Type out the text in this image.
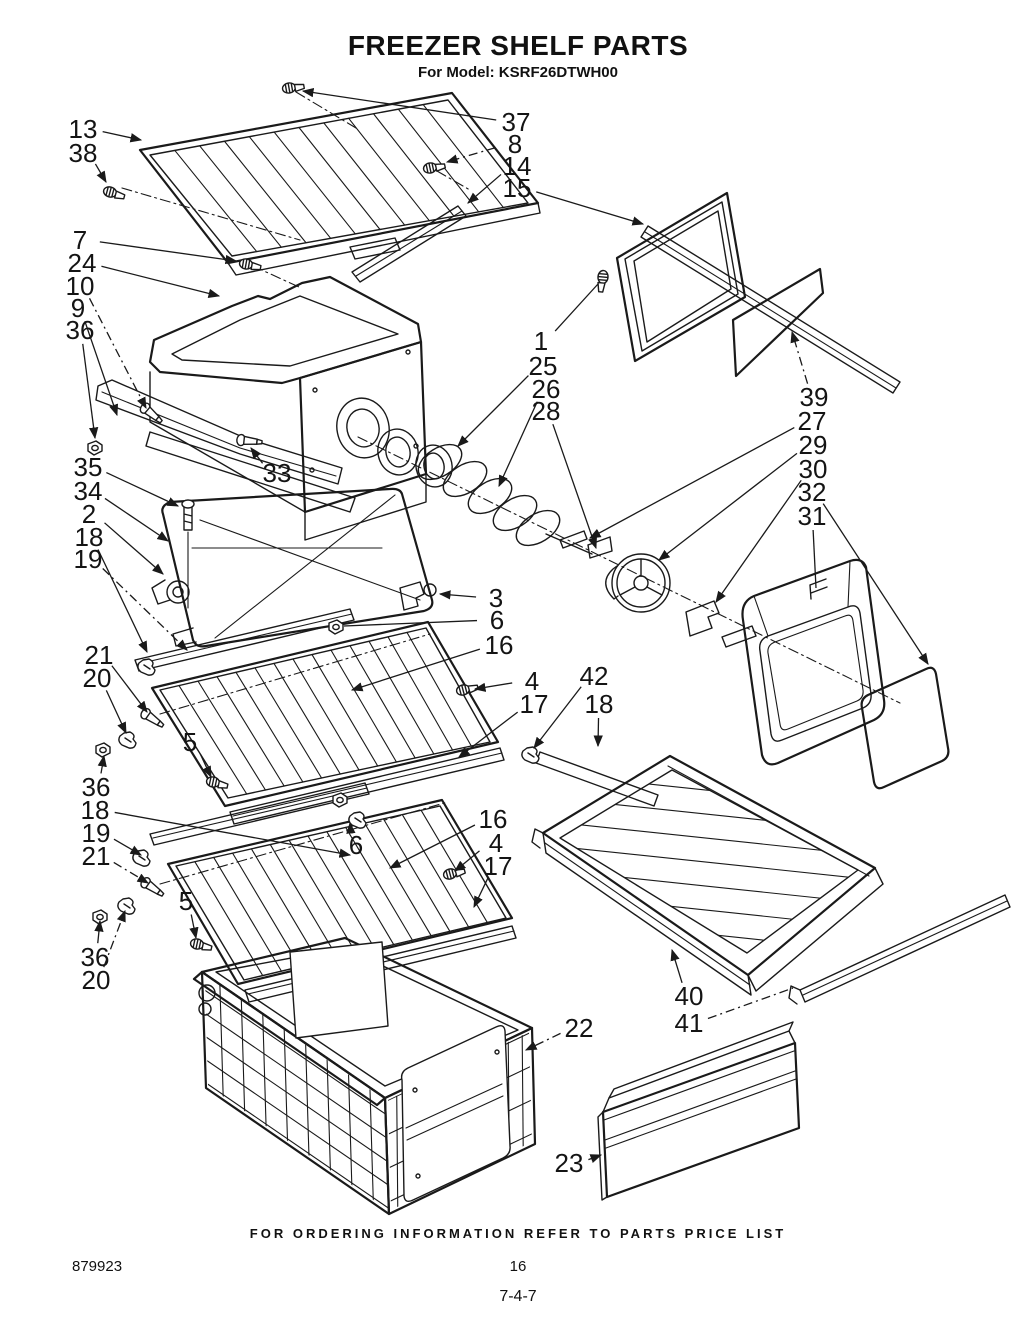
FREEZER SHELF PARTS
For Model: KSRF26DTWH00
13
38
37
8
14
15
7
24
10
9
36	1
25
26
28	39
27
29
30
32
31
33
35
34
2
18
19
3
6
16
21
20	4
17
42
18
36
5
18
19
21
16
4
17
6
36
20
5
22
40
41
23
FOR ORDERING INFORMATION REFER TO PARTS PRICE LIST
879923	16
7-4-7
